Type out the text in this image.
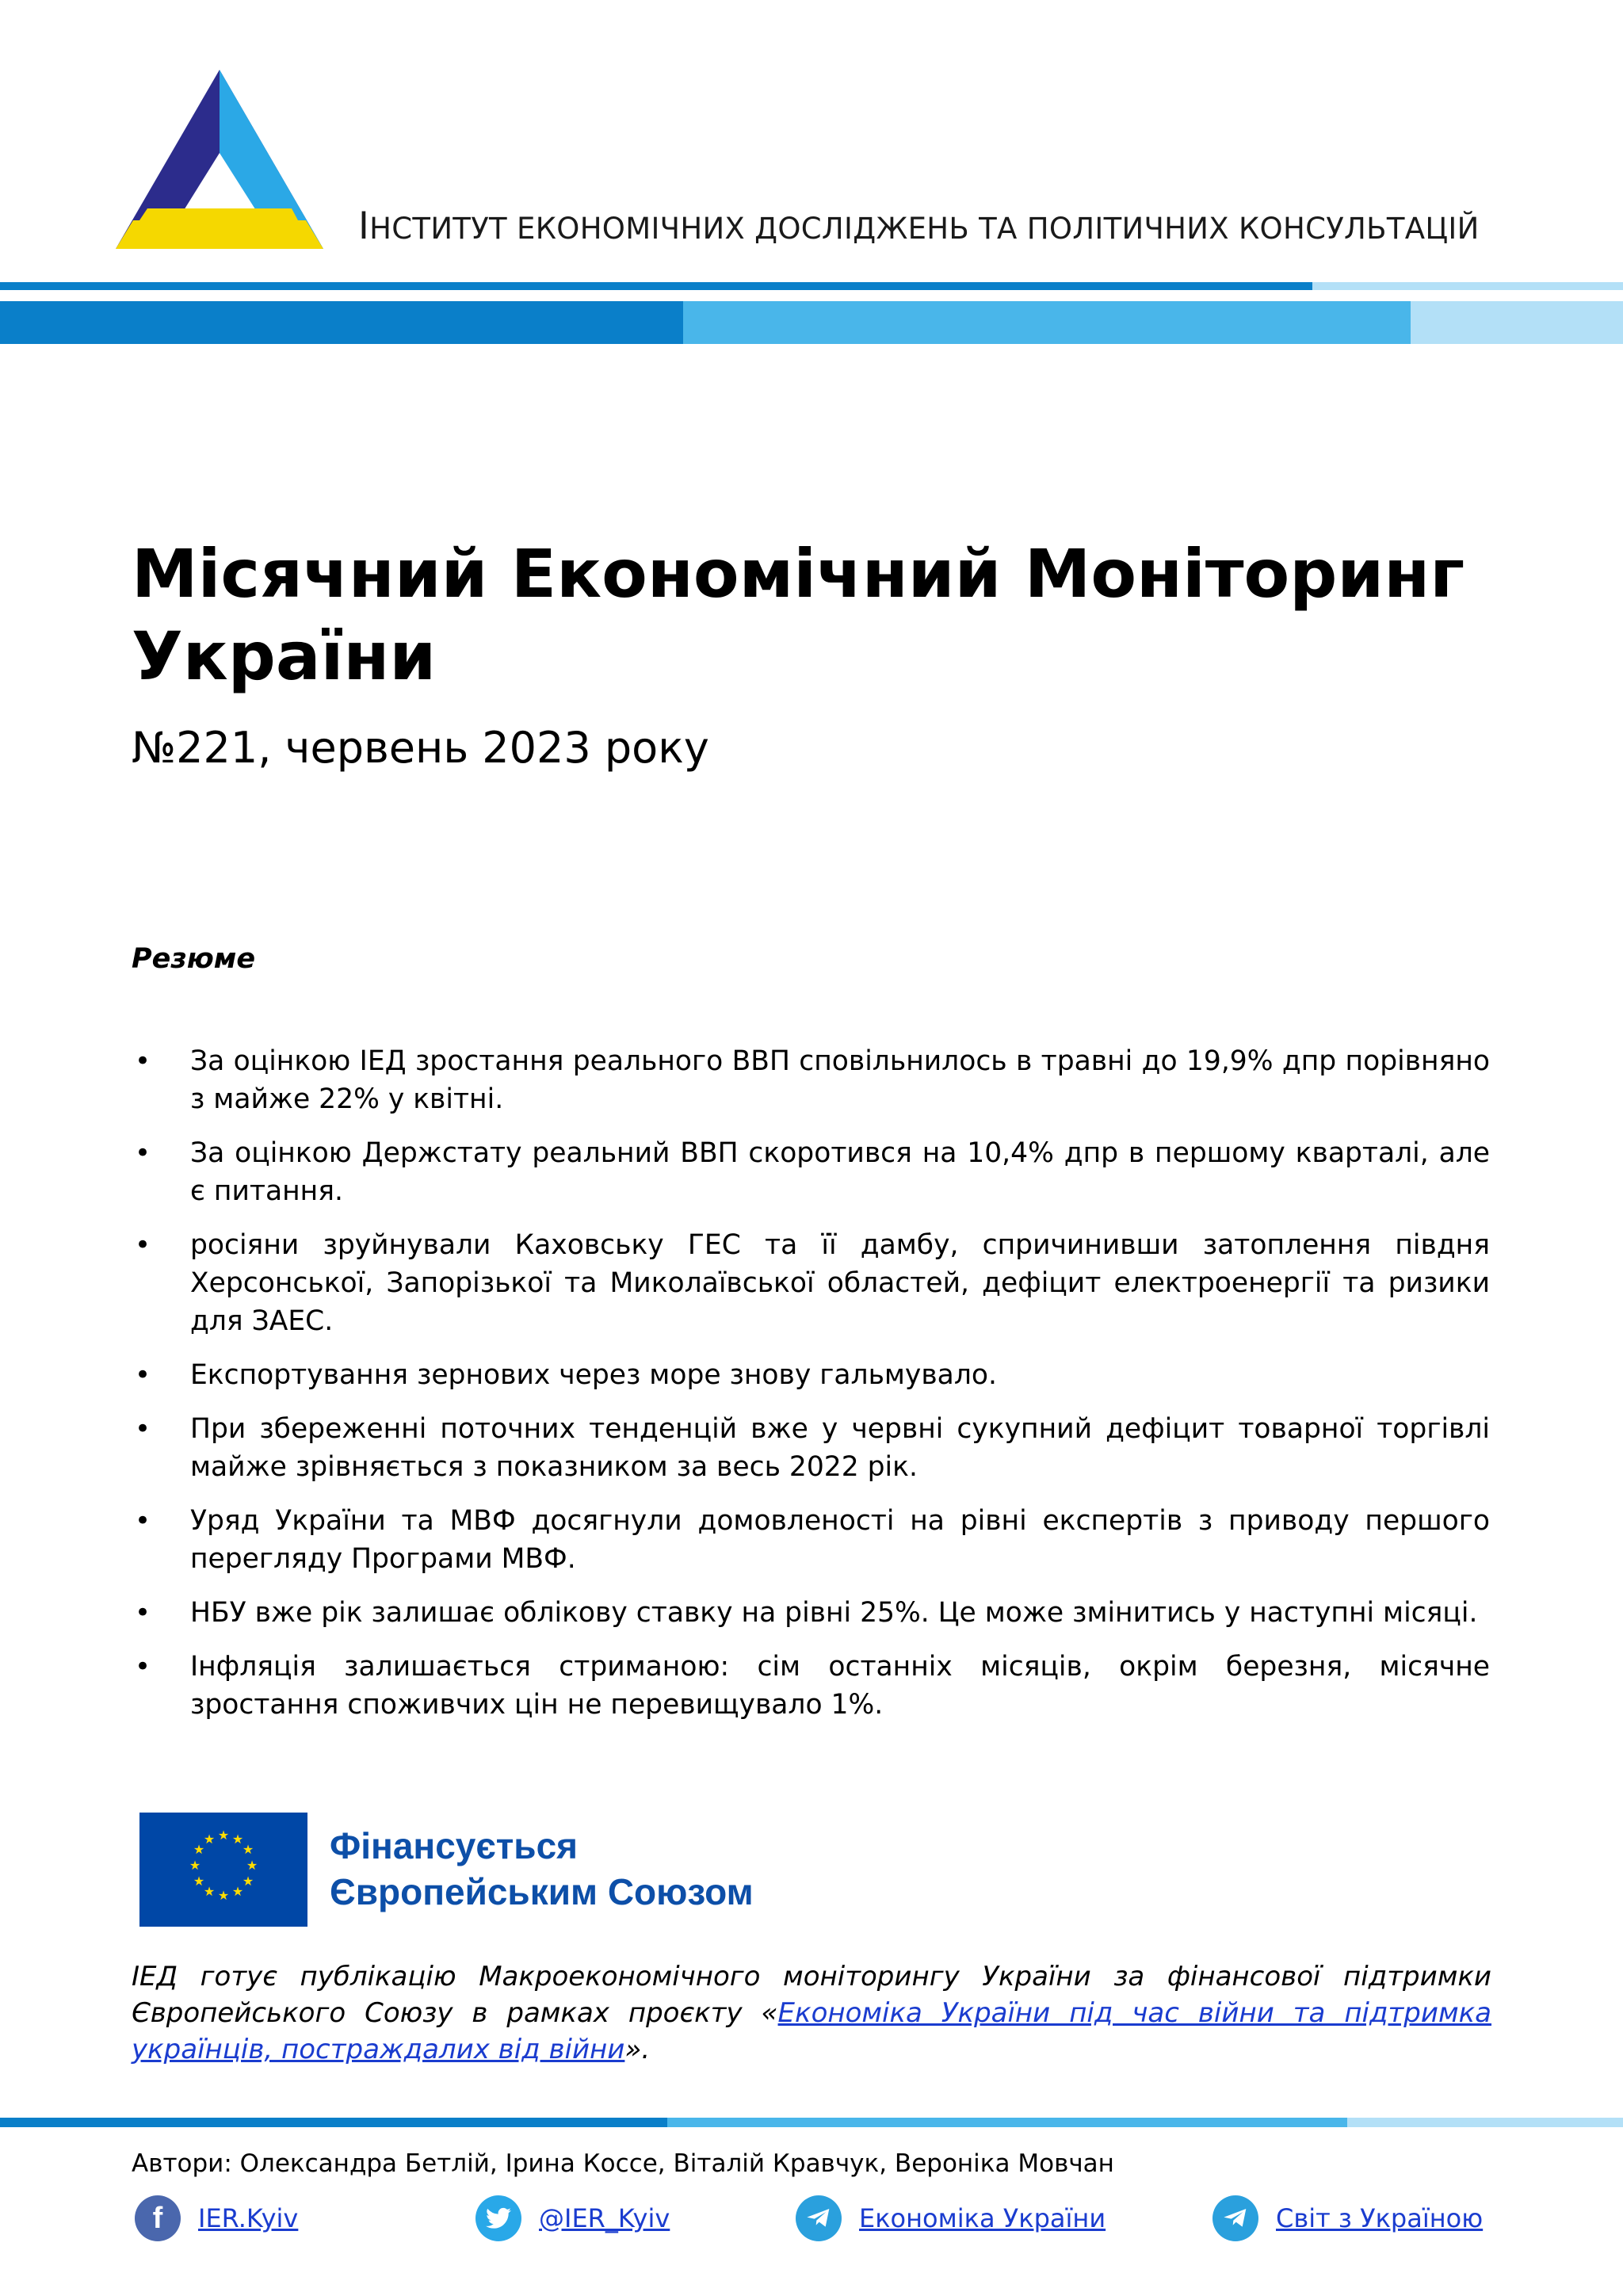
ІНСТИТУТ ЕКОНОМІЧНИХ ДОСЛІДЖЕНЬ ТА ПОЛІТИЧНИХ КОНСУЛЬТАЦІЙ
Місячний Економічний Моніторинг
України
№221, червень 2023 року
Резюме
• За оцінкою ІЕД зростання реального ВВП сповільнилось в травні до 19,9% дпр порівняно з майже 22% у квітні.
• За оцінкою Держстату реальний ВВП скоротився на 10,4% дпр в першому кварталі, але є питання.
• росіяни зруйнували Каховську ГЕС та її дамбу, спричинивши затоплення півдня Херсонської, Запорізької та Миколаївської областей, дефіцит електроенергії та ризики для ЗАЕС.
• Експортування зернових через море знову гальмувало.
• При збереженні поточних тенденцій вже у червні сукупний дефіцит товарної торгівлі майже зрівняється з показником за весь 2022 рік.
• Уряд України та МВФ досягнули домовленості на рівні експертів з приводу першого перегляду Програми МВФ.
• НБУ вже рік залишає облікову ставку на рівні 25%. Це може змінитись у наступні місяці.
• Інфляція залишається стриманою: сім останніх місяців, окрім березня, місячне зростання споживчих цін не перевищувало 1%.
★ ★
★
★
★
★
★
★
★
★
★
★	Фінансується
Європейським Союзом
ІЕД готує публікацію Макроекономічного моніторингу України за фінансової підтримки Європейського Союзу в рамках проєкту «Економіка України під час війни та підтримка українців, постраждалих від війни».
Автори: Олександра Бетлій, Ірина Коссе, Віталій Кравчук, Вероніка Мовчан
f	IER.Kyiv	@IER_Kyiv	Економіка України	Світ з Україною
